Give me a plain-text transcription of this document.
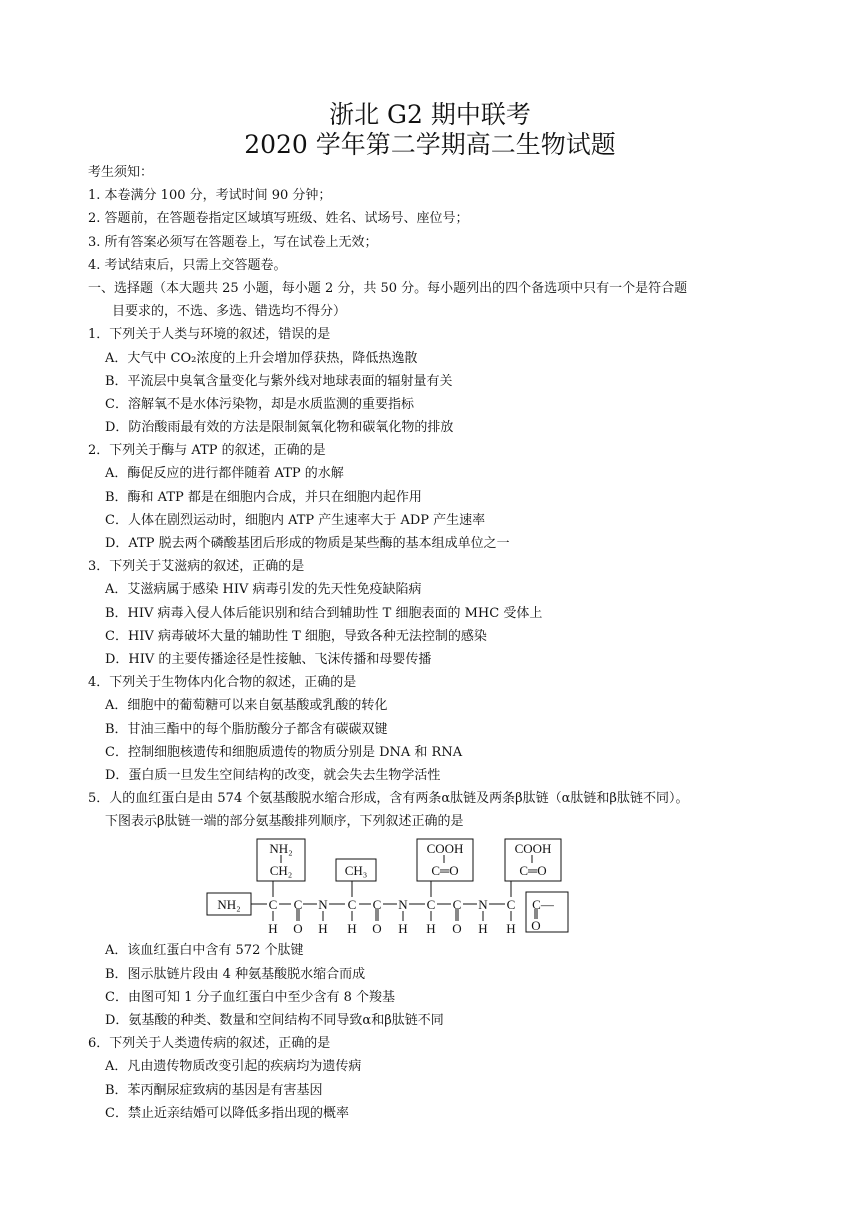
浙北 G2 期中联考
2020 学年第二学期高二生物试题
考生须知：
1. 本卷满分 100 分，考试时间 90 分钟；
2. 答题前，在答题卷指定区域填写班级、姓名、试场号、座位号；
3. 所有答案必须写在答题卷上，写在试卷上无效；
4. 考试结束后，只需上交答题卷。
一、选择题（本大题共 25 小题，每小题 2 分，共 50 分。每小题列出的四个备选项中只有一个是符合题
目要求的，不选、多选、错选均不得分）
1．下列关于人类与环境的叙述，错误的是
A．大气中 CO₂浓度的上升会增加俘获热，降低热逸散
B．平流层中臭氧含量变化与紫外线对地球表面的辐射量有关
C．溶解氧不是水体污染物，却是水质监测的重要指标
D．防治酸雨最有效的方法是限制氮氧化物和碳氧化物的排放
2．下列关于酶与 ATP 的叙述，正确的是
A．酶促反应的进行都伴随着 ATP 的水解
B．酶和 ATP 都是在细胞内合成，并只在细胞内起作用
C．人体在剧烈运动时，细胞内 ATP 产生速率大于 ADP 产生速率
D．ATP 脱去两个磷酸基团后形成的物质是某些酶的基本组成单位之一
3．下列关于艾滋病的叙述，正确的是
A．艾滋病属于感染 HIV 病毒引发的先天性免疫缺陷病
B．HIV 病毒入侵人体后能识别和结合到辅助性 T 细胞表面的 MHC 受体上
C．HIV 病毒破坏大量的辅助性 T 细胞，导致各种无法控制的感染
D．HIV 的主要传播途径是性接触、飞沫传播和母婴传播
4．下列关于生物体内化合物的叙述，正确的是
A．细胞中的葡萄糖可以来自氨基酸或乳酸的转化
B．甘油三酯中的每个脂肪酸分子都含有碳碳双键
C．控制细胞核遗传和细胞质遗传的物质分别是 DNA 和 RNA
D．蛋白质一旦发生空间结构的改变，就会失去生物学活性
5．人的血红蛋白是由 574 个氨基酸脱水缩合形成，含有两条α肽链及两条β肽链（α肽链和β肽链不同）。
下图表示β肽链一端的部分氨基酸排列顺序，下列叙述正确的是
NH₂
NH₂
CH₂	CH₃
COOH
C═O
COOH
C═O
C C N C C N C C N C C—
H O H H O H H O H H O
A．该血红蛋白中含有 572 个肽键
B．图示肽链片段由 4 种氨基酸脱水缩合而成
C．由图可知 1 分子血红蛋白中至少含有 8 个羧基
D．氨基酸的种类、数量和空间结构不同导致α和β肽链不同
6．下列关于人类遗传病的叙述，正确的是
A．凡由遗传物质改变引起的疾病均为遗传病
B．苯丙酮尿症致病的基因是有害基因
C．禁止近亲结婚可以降低多指出现的概率
